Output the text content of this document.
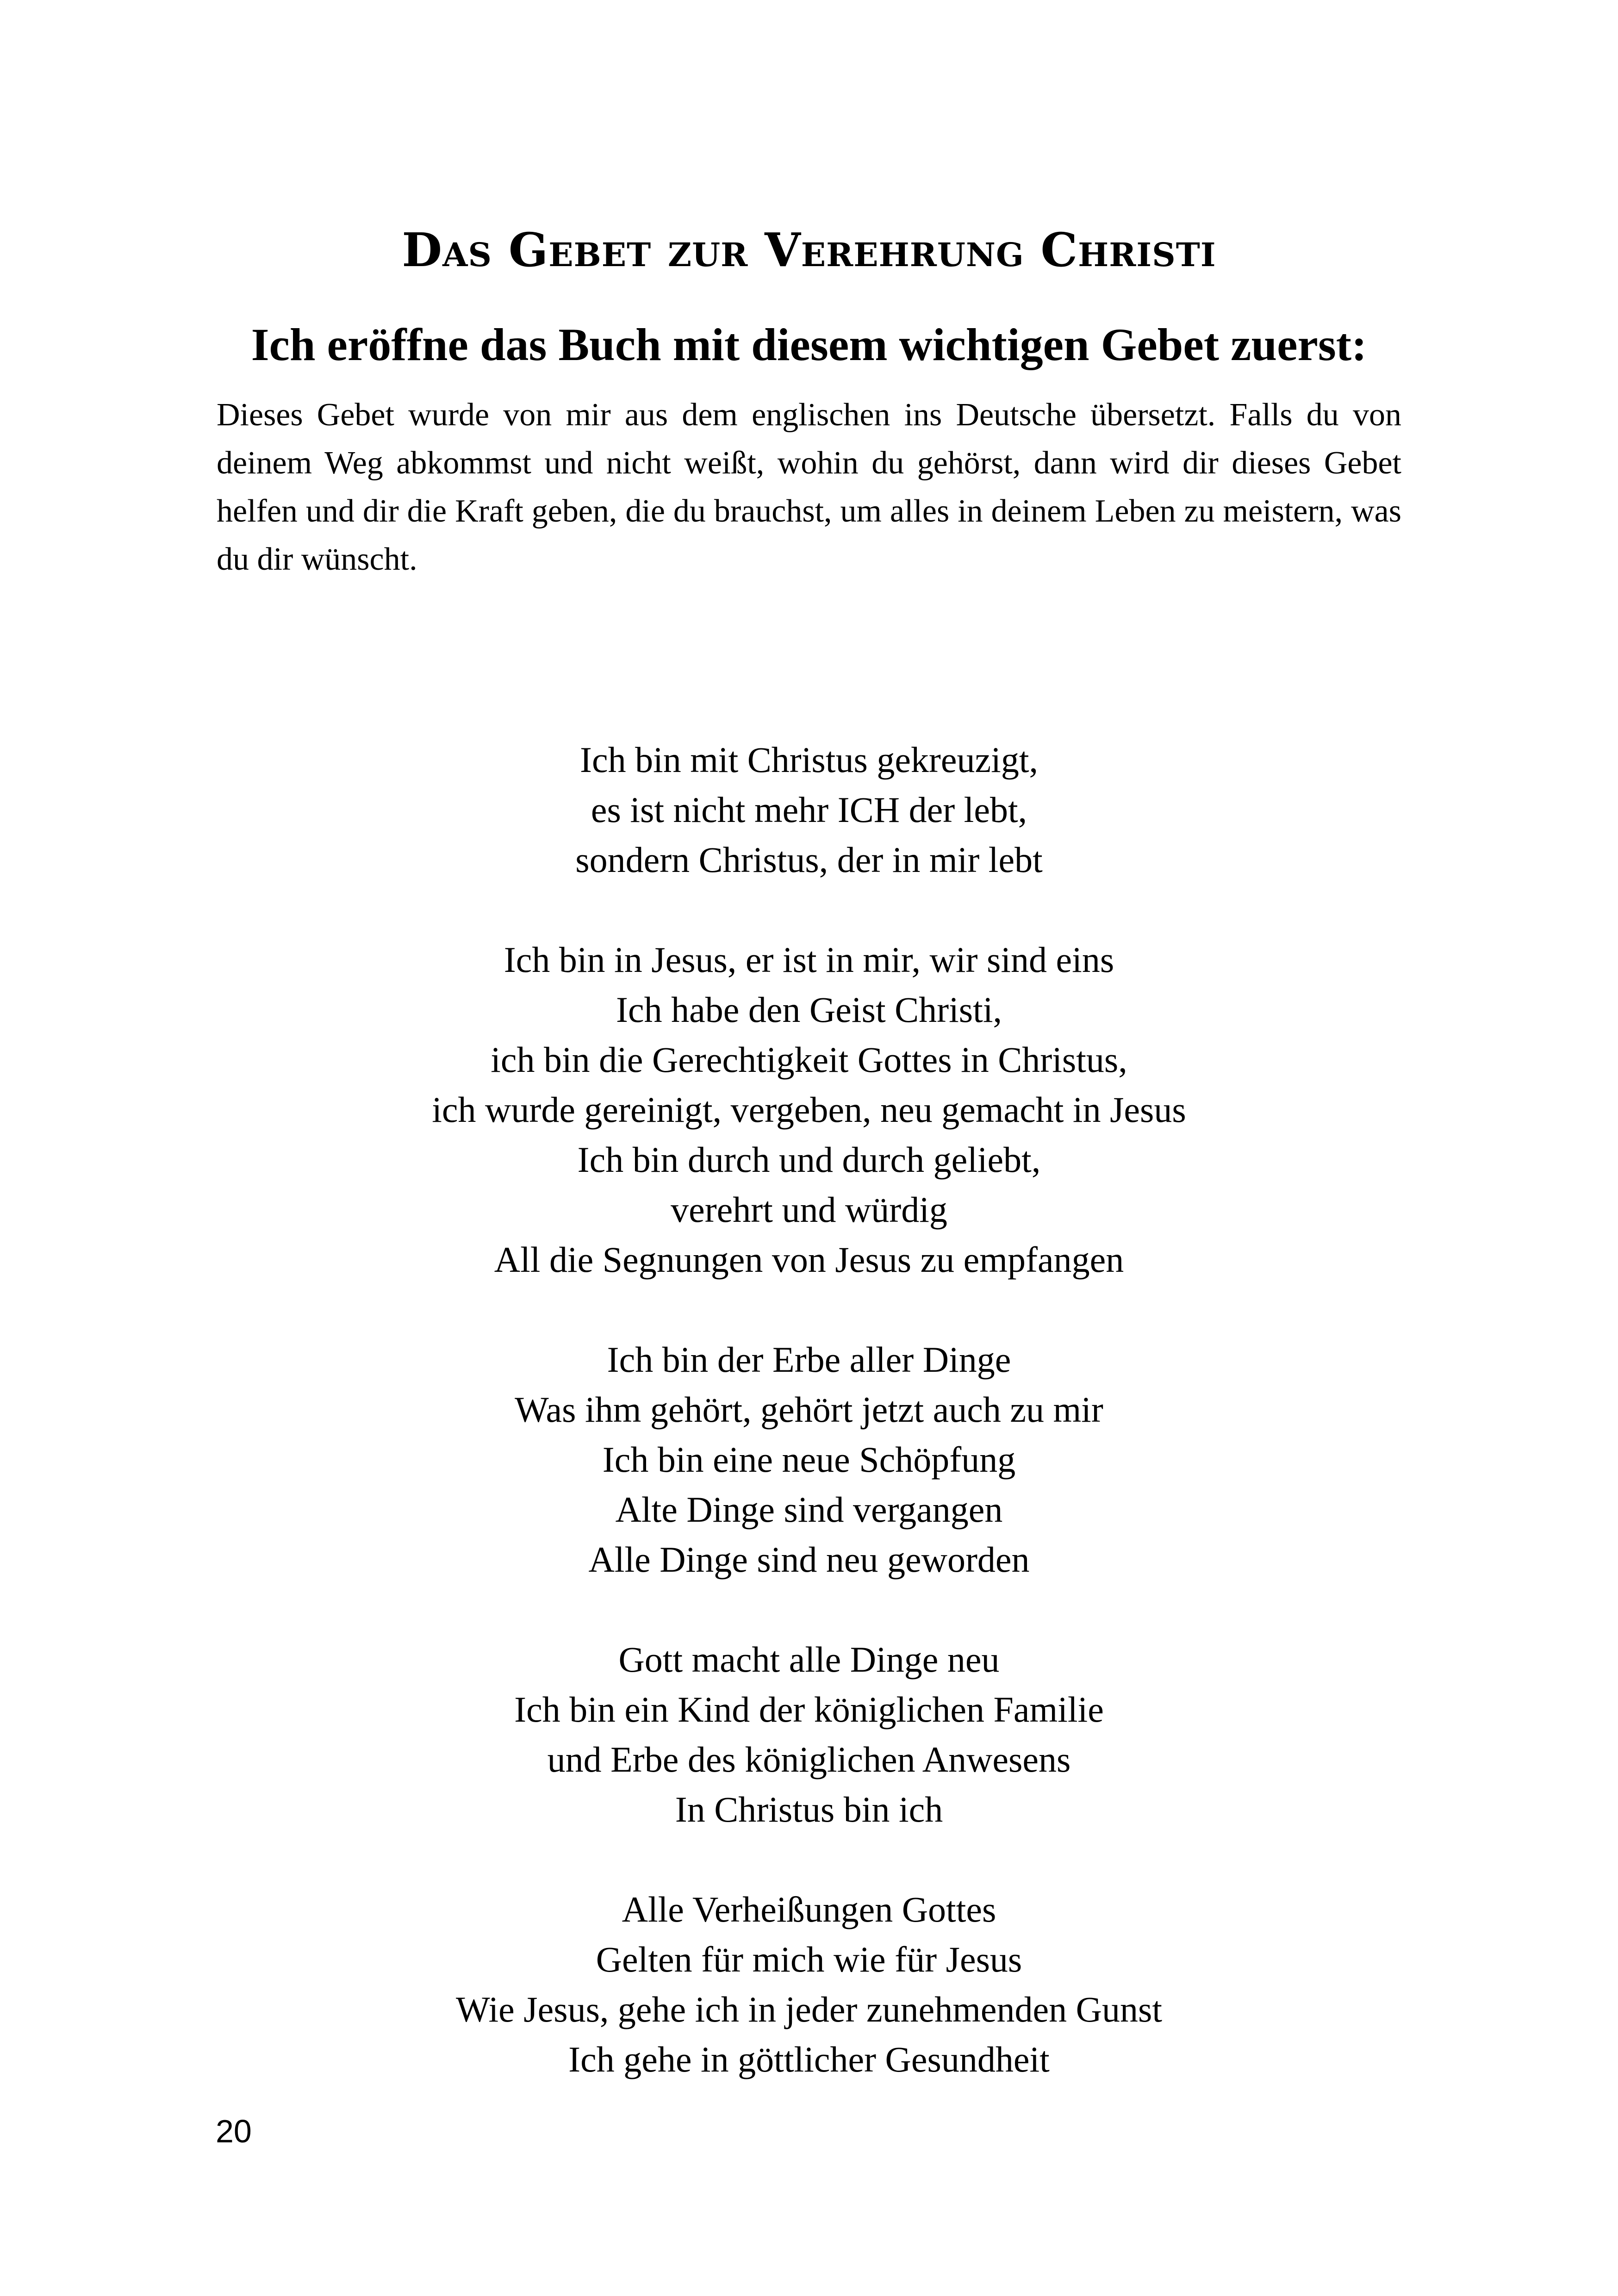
Das Gebet zur Verehrung Christi
Ich eröffne das Buch mit diesem wichtigen Gebet zuerst:

Dieses Gebet wurde von mir aus dem englischen ins Deutsche übersetzt. Falls du von deinem Weg abkommst und nicht weißt, wohin du gehörst, dann wird dir dieses Gebet helfen und dir die Kraft geben, die du brauchst, um alles in deinem Leben zu meistern, was du dir wünscht.

Ich bin mit Christus gekreuzigt,
es ist nicht mehr ICH der lebt,
sondern Christus, der in mir lebt
Ich bin in Jesus, er ist in mir, wir sind eins
Ich habe den Geist Christi,
ich bin die Gerechtigkeit Gottes in Christus,
ich wurde gereinigt, vergeben, neu gemacht in Jesus
Ich bin durch und durch geliebt,
verehrt und würdig
All die Segnungen von Jesus zu empfangen
Ich bin der Erbe aller Dinge
Was ihm gehört, gehört jetzt auch zu mir
Ich bin eine neue Schöpfung
Alte Dinge sind vergangen
Alle Dinge sind neu geworden
Gott macht alle Dinge neu
Ich bin ein Kind der königlichen Familie
und Erbe des königlichen Anwesens
In Christus bin ich
Alle Verheißungen Gottes
Gelten für mich wie für Jesus
Wie Jesus, gehe ich in jeder zunehmenden Gunst
Ich gehe in göttlicher Gesundheit
20
